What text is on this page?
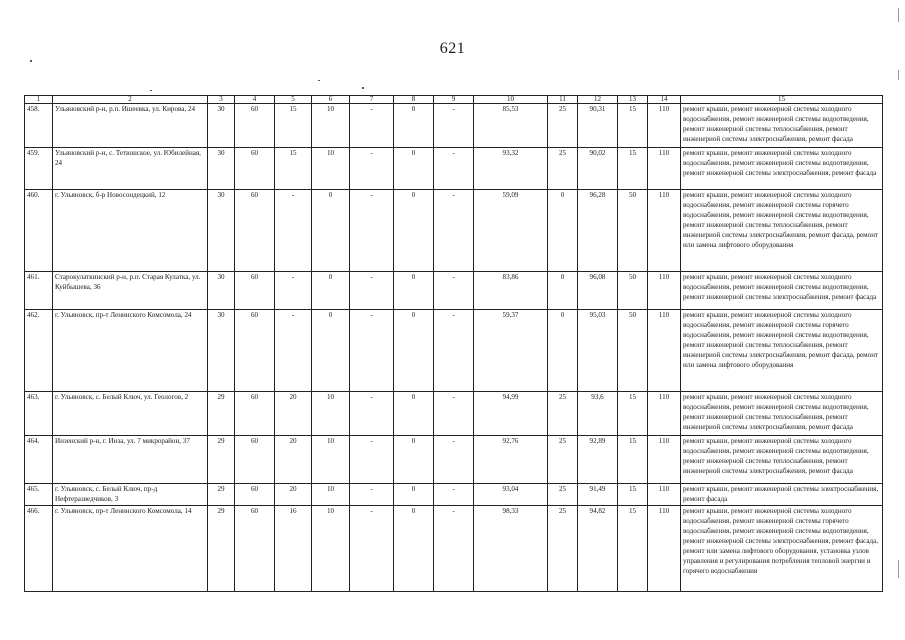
621
1	2	3	4	5	6	7	8	9	10	11	12	13	14	15
458.	Ульяновский р-н, р.п. Ишеевка, ул. Кирова, 24	30	60	15	10	-	0	-	85,53	25	90,31	15	110	ремонт крыши, ремонт инженерной системы холодного водоснабжения, ремонт инженерной системы водоотведения, ремонт инженерной системы теплоснабжения, ремонт инженерной системы электроснабжения, ремонт фасада
459.	Ульяновский р-н, с. Тетюшское, ул. Юбилейная, 24	30	60	15	10	-	0	-	93,32	25	90,02	15	110	ремонт крыши, ремонт инженерной системы холодного водоснабжения, ремонт инженерной системы водоотведения, ремонт инженерной системы электроснабжения, ремонт фасада
460.	г. Ульяновск, б-р Новосондецкий, 12	30	60	-	0	-	0	-	59,09	0	96,28	50	110	ремонт крыши, ремонт инженерной системы холодного водоснабжения, ремонт инженерной системы горячего водоснабжения, ремонт инженерной системы водоотведения, ремонт инженерной системы теплоснабжения, ремонт инженерной системы электроснабжения, ремонт фасада, ремонт или замена лифтового оборудования
461.	Старокулаткинский р-н, р.п. Старая Кулатка, ул. Куйбышева, 36	30	60	-	0	-	0	-	83,86	0	96,08	50	110	ремонт крыши, ремонт инженерной системы холодного водоснабжения, ремонт инженерной системы водоотведения, ремонт инженерной системы электроснабжения, ремонт фасада
462.	г. Ульяновск, пр-т Ленинского Комсомола, 24	30	60	-	0	-	0	-	59,37	0	95,03	50	110	ремонт крыши, ремонт инженерной системы холодного водоснабжения, ремонт инженерной системы горячего водоснабжения, ремонт инженерной системы водоотведения, ремонт инженерной системы теплоснабжения, ремонт инженерной системы электроснабжения, ремонт фасада, ремонт или замена лифтового оборудования
463.	г. Ульяновск, с. Белый Ключ, ул. Геологов, 2	29	60	20	10	-	0	-	94,99	25	93,6	15	110	ремонт крыши, ремонт инженерной системы холодного водоснабжения, ремонт инженерной системы водоотведения, ремонт инженерной системы теплоснабжения, ремонт инженерной системы электроснабжения, ремонт фасада
464.	Инзенский р-н, г. Инза, ул. 7 микрорайон, 37	29	60	20	10	-	0	-	92,76	25	92,89	15	110	ремонт крыши, ремонт инженерной системы холодного водоснабжения, ремонт инженерной системы водоотведения, ремонт инженерной системы теплоснабжения, ремонт инженерной системы электроснабжения, ремонт фасада
465.	г. Ульяновск, с. Белый Ключ, пр-д Нефтеразведчиков, 3	29	60	20	10	-	0	-	93,04	25	91,49	15	110	ремонт крыши, ремонт инженерной системы электроснабжения, ремонт фасада
466.	г. Ульяновск, пр-т Ленинского Комсомола, 14	29	60	16	10	-	0	-	98,33	25	94,82	15	110	ремонт крыши, ремонт инженерной системы холодного водоснабжения, ремонт инженерной системы горячего водоснабжения, ремонт инженерной системы водоотведения, ремонт инженерной системы электроснабжения, ремонт фасада, ремонт или замена лифтового оборудования, установка узлов управления и регулирования потребления тепловой энергии и горячего водоснабжения
